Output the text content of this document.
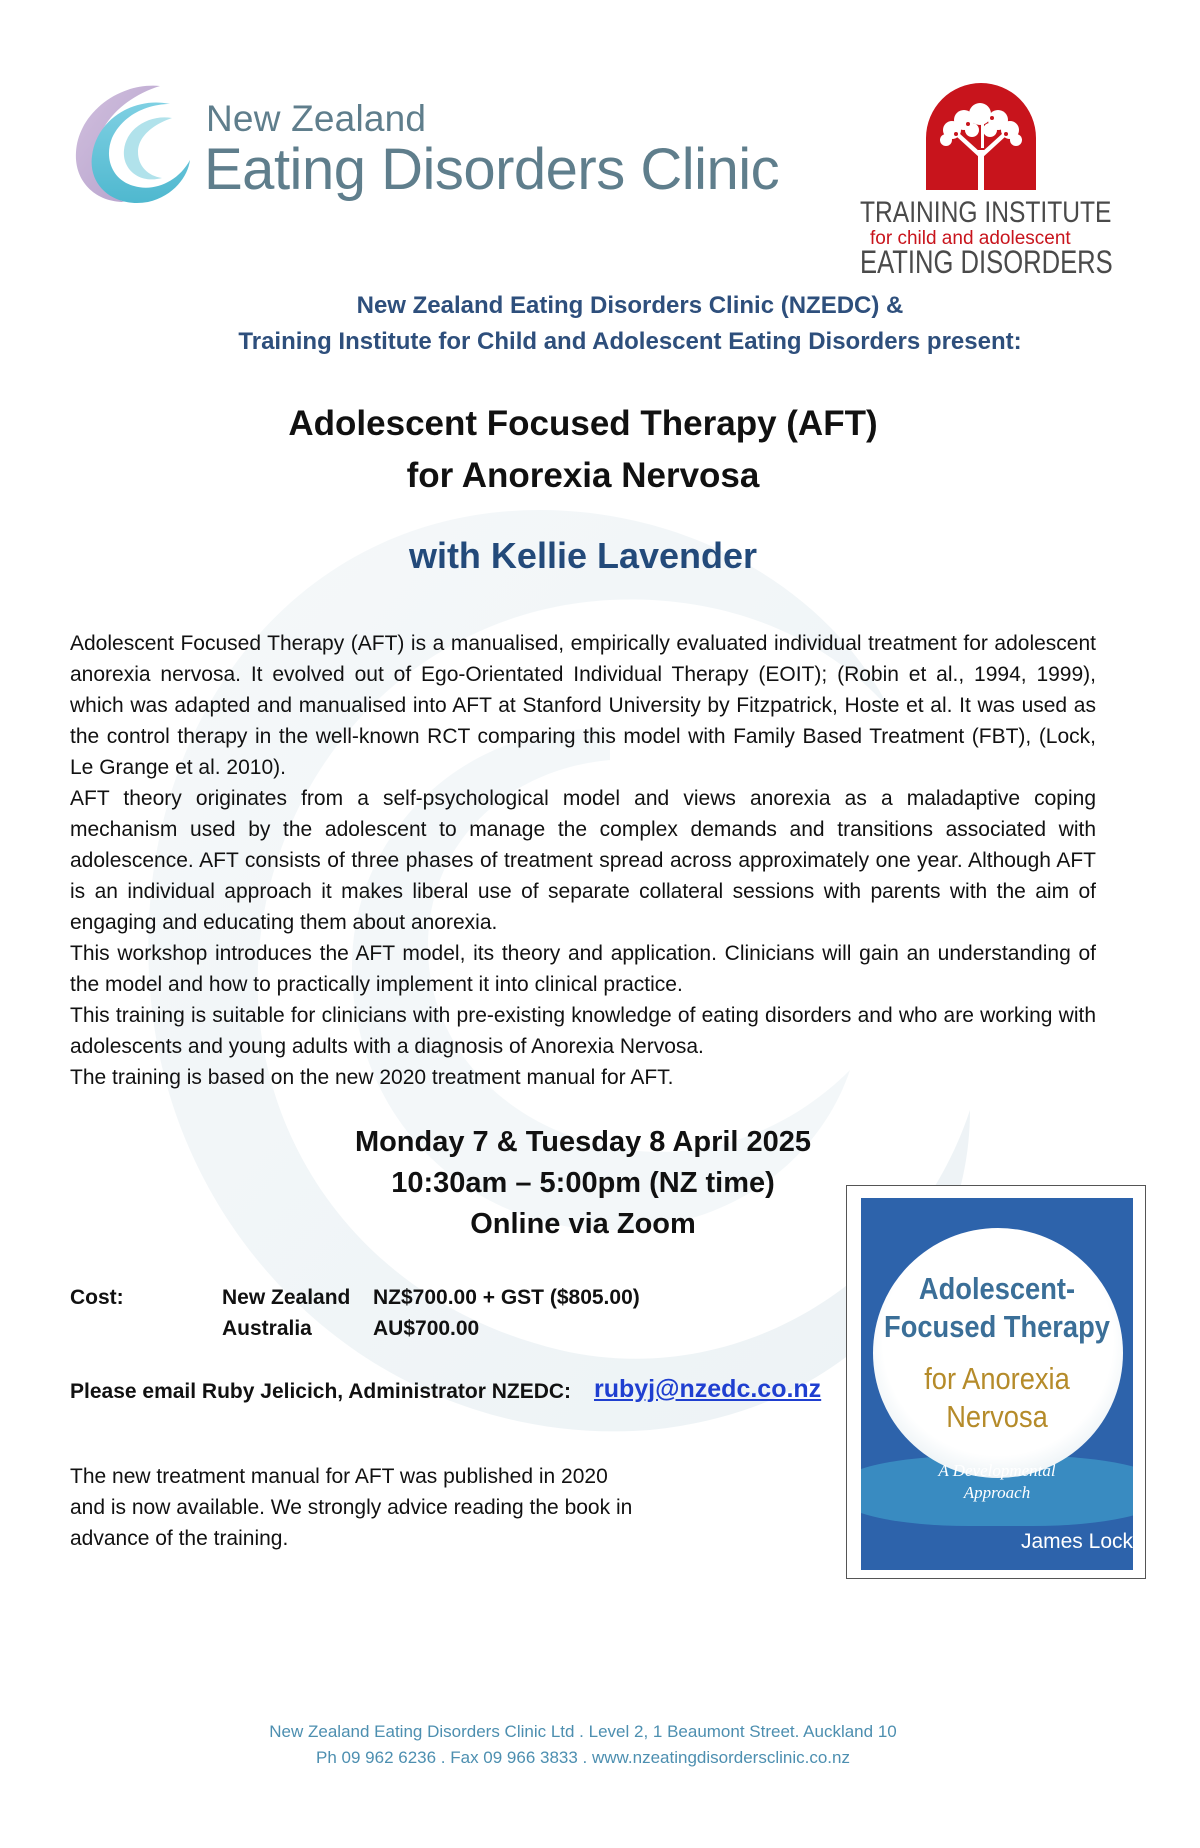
New Zealand
Eating Disorders Clinic
TRAINING INSTITUTE
for child and adolescent
EATING DISORDERS
New Zealand Eating Disorders Clinic (NZEDC) &
Training Institute for Child and Adolescent Eating Disorders present:
Adolescent Focused Therapy (AFT)
for Anorexia Nervosa
with Kellie Lavender

Adolescent Focused Therapy (AFT) is a manualised, empirically evaluated individual treatment for adolescent anorexia nervosa. It evolved out of Ego-Orientated Individual Therapy (EOIT); (Robin et al., 1994, 1999), which was adapted and manualised into AFT at Stanford University by Fitzpatrick, Hoste et al. It was used as the control therapy in the well-known RCT comparing this model with Family Based Treatment (FBT), (Lock, Le Grange et al. 2010).

AFT theory originates from a self-psychological model and views anorexia as a maladaptive coping mechanism used by the adolescent to manage the complex demands and transitions associated with adolescence. AFT consists of three phases of treatment spread across approximately one year. Although AFT is an individual approach it makes liberal use of separate collateral sessions with parents with the aim of engaging and educating them about anorexia.

This workshop introduces the AFT model, its theory and application. Clinicians will gain an understanding of the model and how to practically implement it into clinical practice.

This training is suitable for clinicians with pre-existing knowledge of eating disorders and who are working with adolescents and young adults with a diagnosis of Anorexia Nervosa.

The training is based on the new 2020 treatment manual for AFT.

Monday 7 & Tuesday 8 April 2025
10:30am – 5:00pm (NZ time)
Online via Zoom
Cost:	New Zealand NZ$700.00 + GST ($805.00)
Australia	AU$700.00
Please email Ruby Jelicich, Administrator NZEDC: rubyj@nzedc.co.nz

The new treatment manual for AFT was published in 2020

and is now available. We strongly advice reading the book in

advance of the training.

Adolescent-
Focused Therapy
for Anorexia
Nervosa
A Developmental
Approach
James Lock
New Zealand Eating Disorders Clinic Ltd . Level 2, 1 Beaumont Street. Auckland 10
Ph 09 962 6236 . Fax 09 966 3833 . www.nzeatingdisordersclinic.co.nz
